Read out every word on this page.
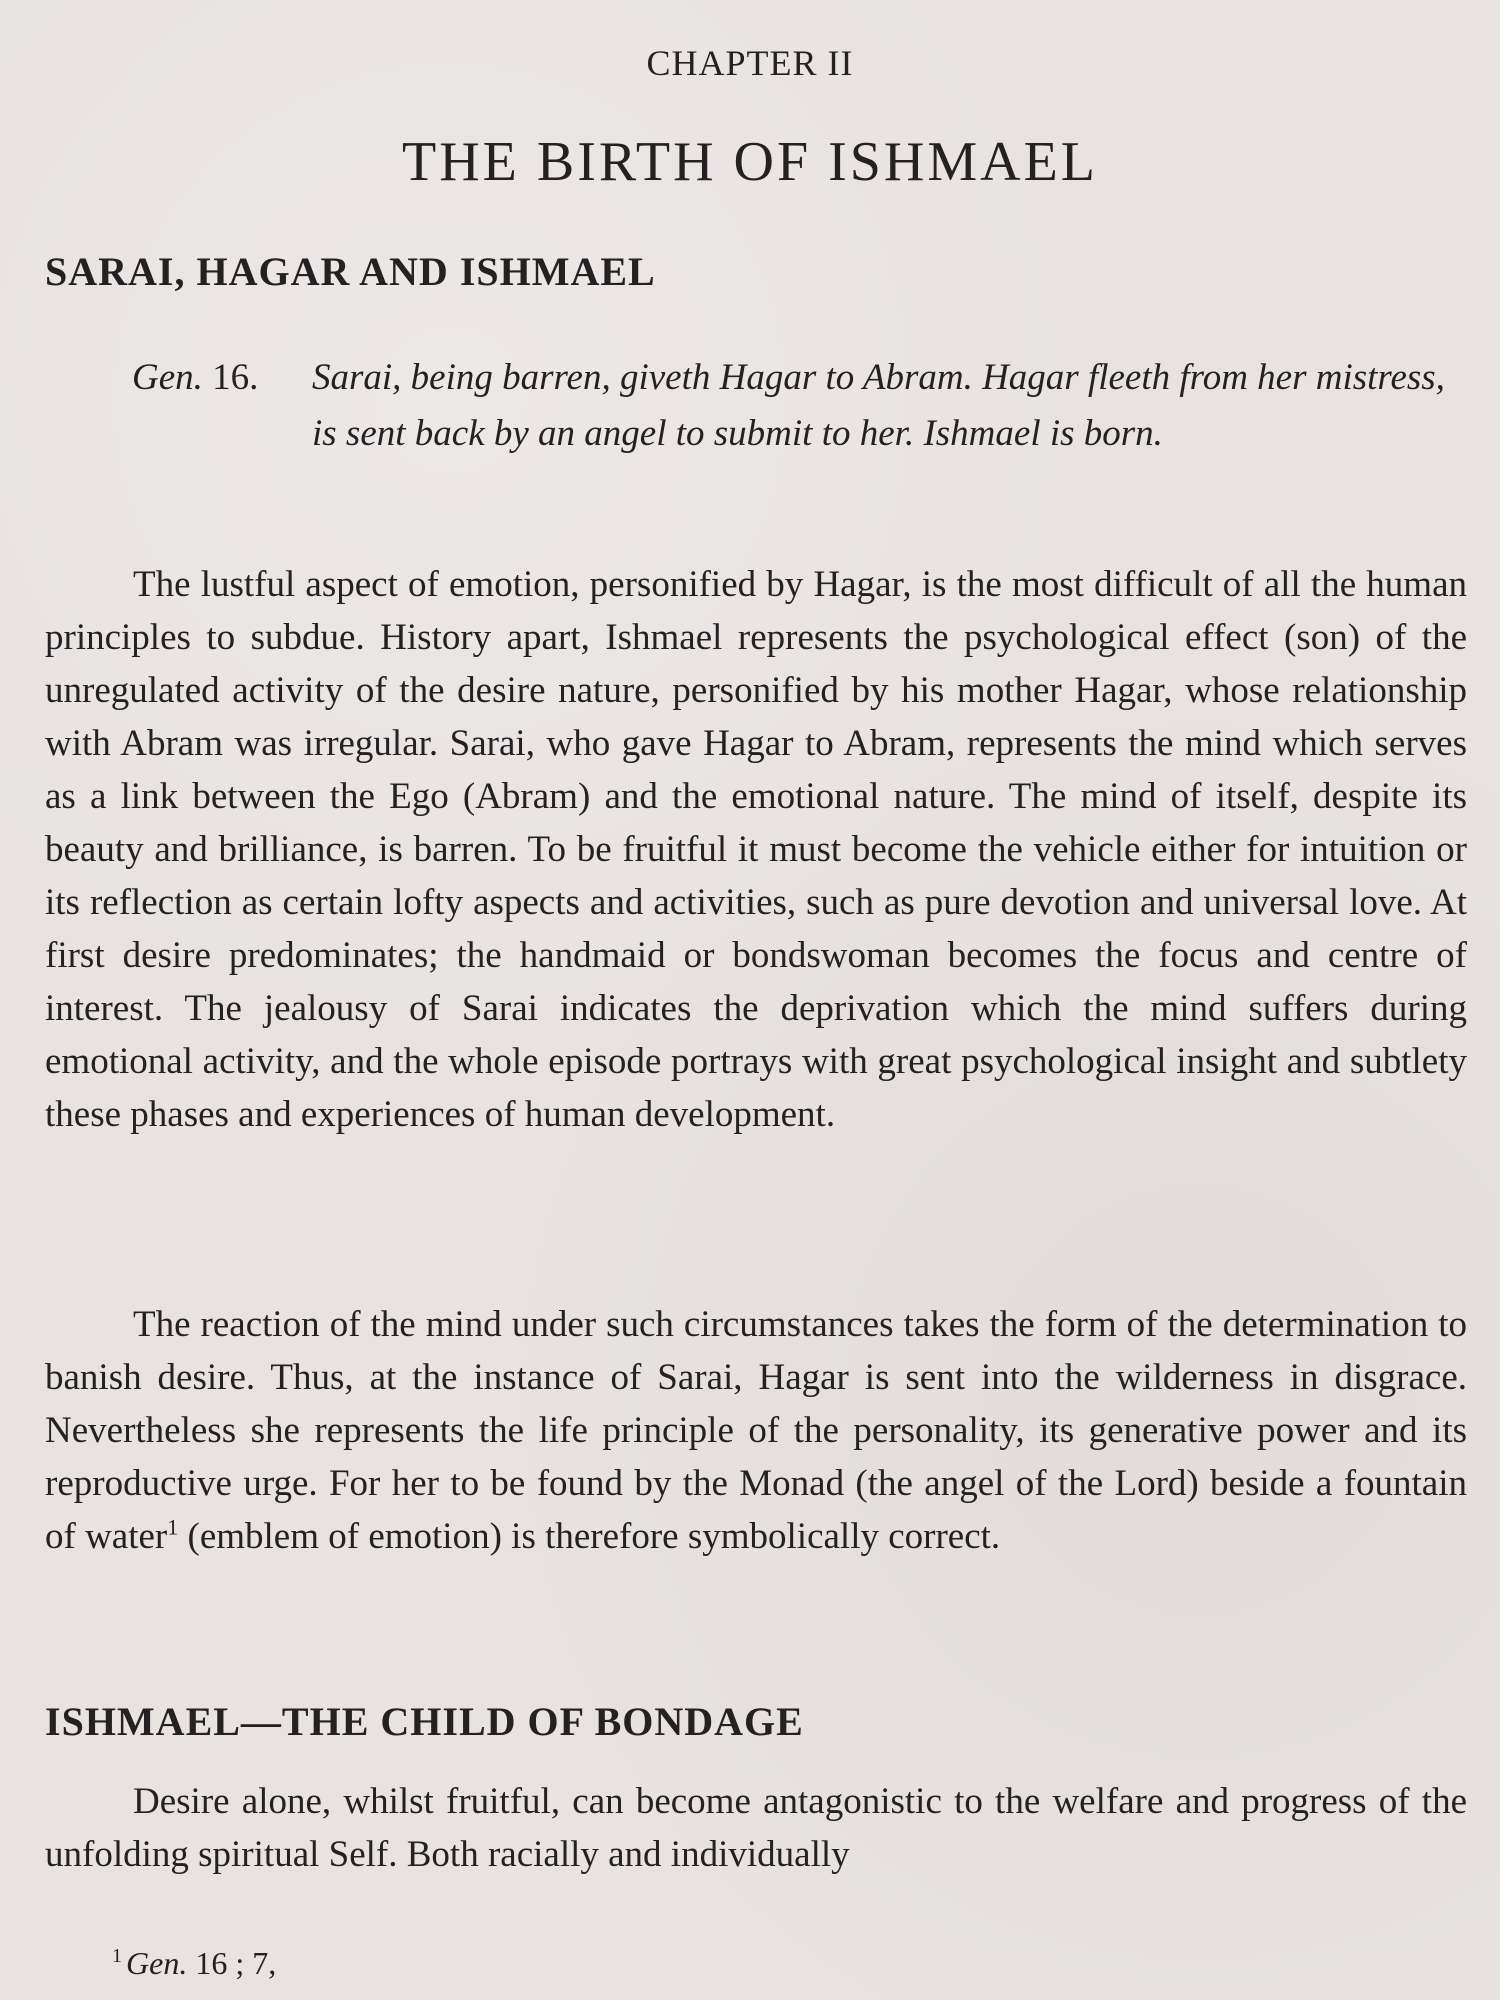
CHAPTER II
THE BIRTH OF ISHMAEL
SARAI, HAGAR AND ISHMAEL
Gen. 16.	Sarai, being barren, giveth Hagar to Abram. Hagar fleeth from her mistress, is sent back by an angel to submit to her. Ishmael is born.
The lustful aspect of emotion, personified by Hagar, is the most difficult of all the human principles to subdue. History apart, Ishmael represents the psychological effect (son) of the unregulated activity of the desire nature, personified by his mother Hagar, whose relationship with Abram was irregular. Sarai, who gave Hagar to Abram, represents the mind which serves as a link between the Ego (Abram) and the emotional nature. The mind of itself, despite its beauty and brilliance, is barren. To be fruitful it must become the vehicle either for intuition or its reflection as certain lofty aspects and activities, such as pure devotion and universal love. At first desire predominates; the handmaid or bondswoman becomes the focus and centre of interest. The jealousy of Sarai indicates the deprivation which the mind suffers during emotional activity, and the whole episode portrays with great psychological insight and subtlety these phases and experiences of human development.
The reaction of the mind under such circumstances takes the form of the determination to banish desire. Thus, at the instance of Sarai, Hagar is sent into the wilderness in disgrace. Nevertheless she represents the life principle of the personality, its generative power and its reproductive urge. For her to be found by the Monad (the angel of the Lord) beside a fountain of water$^1$ (emblem of emotion) is therefore symbolically correct.
ISHMAEL—THE CHILD OF BONDAGE
Desire alone, whilst fruitful, can become antagonistic to the welfare and progress of the unfolding spiritual Self. Both racially and individually
$^1$ Gen. 16 ; 7,
